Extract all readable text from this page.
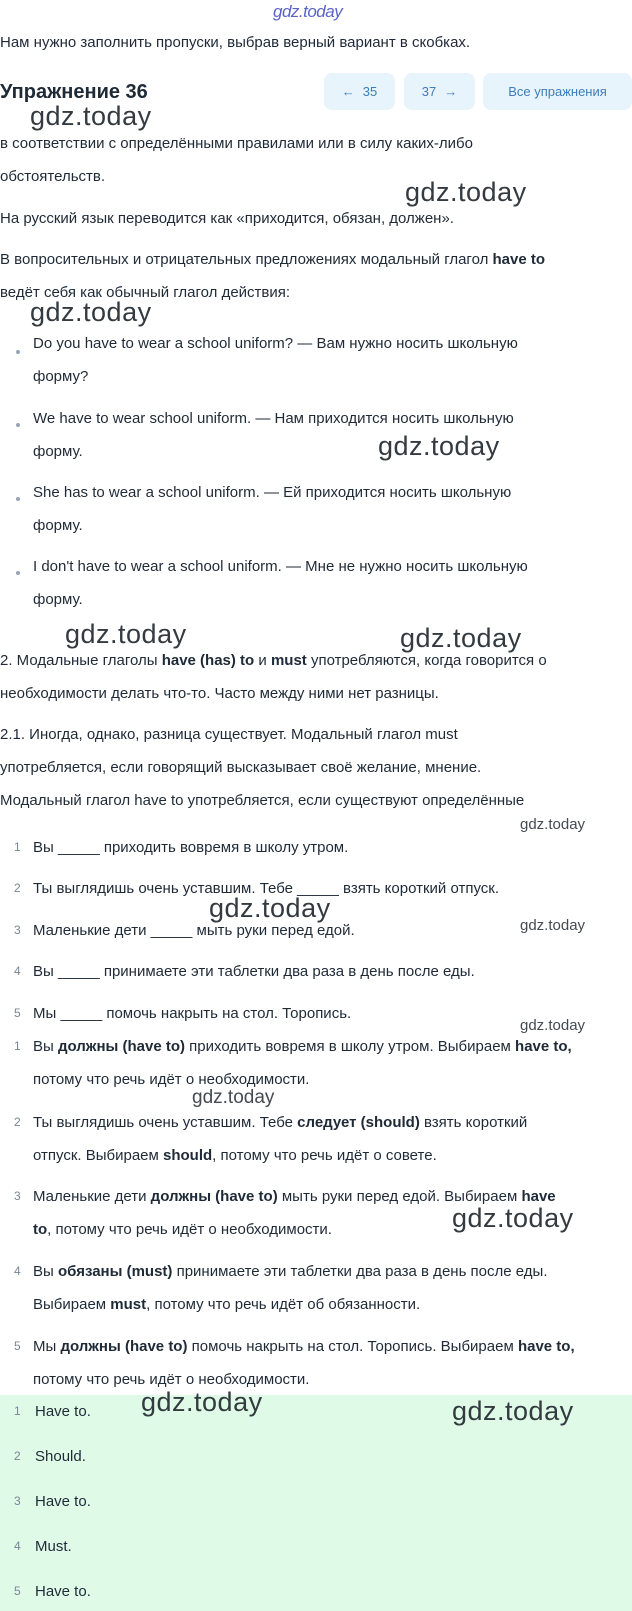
gdz.today
Нам нужно заполнить пропуски, выбрав верный вариант в скобках.
Упражнение 36	← 35	37 →	Все упражнения
в соответствии с определёнными правилами или в силу каких-либо
обстоятельств.
На русский язык переводится как «приходится, обязан, должен».
В вопросительных и отрицательных предложениях модальный глагол have to
ведёт себя как обычный глагол действия:
Do you have to wear a school uniform? — Вам нужно носить школьную
форму?
We have to wear school uniform. — Нам приходится носить школьную
форму.
She has to wear a school uniform. — Ей приходится носить школьную
форму.
I don't have to wear a school uniform. — Мне не нужно носить школьную
форму.
2. Модальные глаголы have (has) to и must употребляются, когда говорится о
необходимости делать что-то. Часто между ними нет разницы.
2.1. Иногда, однако, разница существует. Модальный глагол must
употребляется, если говорящий высказывает своё желание, мнение.
Модальный глагол have to употребляется, если существуют определённые
1 Вы _____ приходить вовремя в школу утром.
2 Ты выглядишь очень уставшим. Тебе _____ взять короткий отпуск.
3 Маленькие дети _____ мыть руки перед едой.
4 Вы _____ принимаете эти таблетки два раза в день после еды.
5 Мы _____ помочь накрыть на стол. Торопись.
1 Вы должны (have to) приходить вовремя в школу утром. Выбираем have to,
потому что речь идёт о необходимости.
2 Ты выглядишь очень уставшим. Тебе следует (should) взять короткий
отпуск. Выбираем should, потому что речь идёт о совете.
3 Маленькие дети должны (have to) мыть руки перед едой. Выбираем have
to, потому что речь идёт о необходимости.
4 Вы обязаны (must) принимаете эти таблетки два раза в день после еды.
Выбираем must, потому что речь идёт об обязанности.
5 Мы должны (have to) помочь накрыть на стол. Торопись. Выбираем have to,
потому что речь идёт о необходимости.
1 Have to.
2 Should.
3 Have to.
4 Must.
5 Have to.
gdz.today
gdz.today
gdz.today
gdz.today
gdz.today	gdz.today
gdz.today
gdz.today
gdz.today
gdz.today
gdz.today
gdz.today
gdz.today	gdz.today
